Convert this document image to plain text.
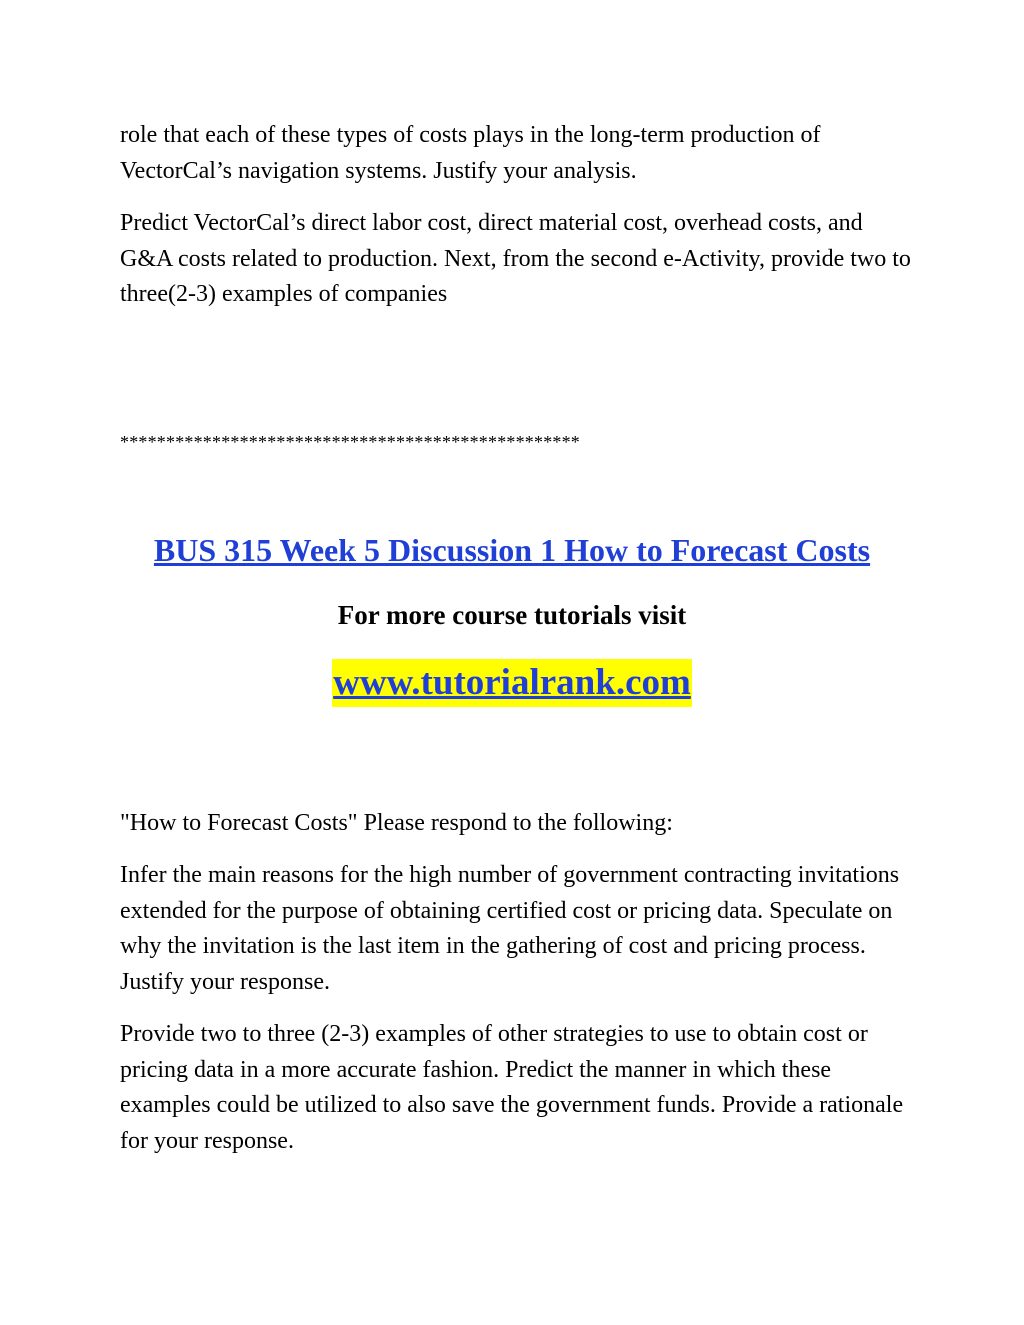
role that each of these types of costs plays in the long-term production of VectorCal’s navigation systems. Justify your analysis.

Predict VectorCal’s direct labor cost, direct material cost, overhead costs, and G&A costs related to production. Next, from the second e-Activity, provide two to three(2-3) examples of companies

**************************************************

BUS 315 Week 5 Discussion 1 How to Forecast Costs

For more course tutorials visit

www.tutorialrank.com

"How to Forecast Costs" Please respond to the following:

Infer the main reasons for the high number of government contracting invitations extended for the purpose of obtaining certified cost or pricing data. Speculate on why the invitation is the last item in the gathering of cost and pricing process. Justify your response.

Provide two to three (2-3) examples of other strategies to use to obtain cost or pricing data in a more accurate fashion. Predict the manner in which these examples could be utilized to also save the government funds. Provide a rationale for your response.
